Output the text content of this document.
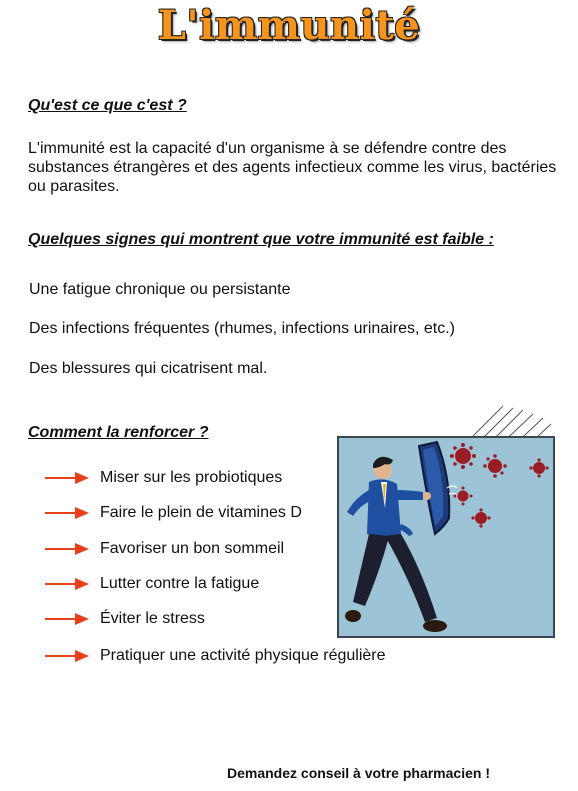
L'immunité
Qu'est ce que c'est ?
L'immunité est la capacité d'un organisme à se défendre contre des substances étrangères et des agents infectieux comme les virus, bactéries ou parasites.
Quelques signes qui montrent que votre immunité est faible :
Une fatigue chronique ou persistante
Des infections fréquentes (rhumes, infections urinaires, etc.)
Des blessures qui cicatrisent mal.
Comment la renforcer ?
Miser sur les probiotiques
Faire le plein de vitamines D
Favoriser un bon sommeil
Lutter contre la fatigue
Éviter le stress
Pratiquer une activité physique régulière
Demandez conseil à votre pharmacien !
